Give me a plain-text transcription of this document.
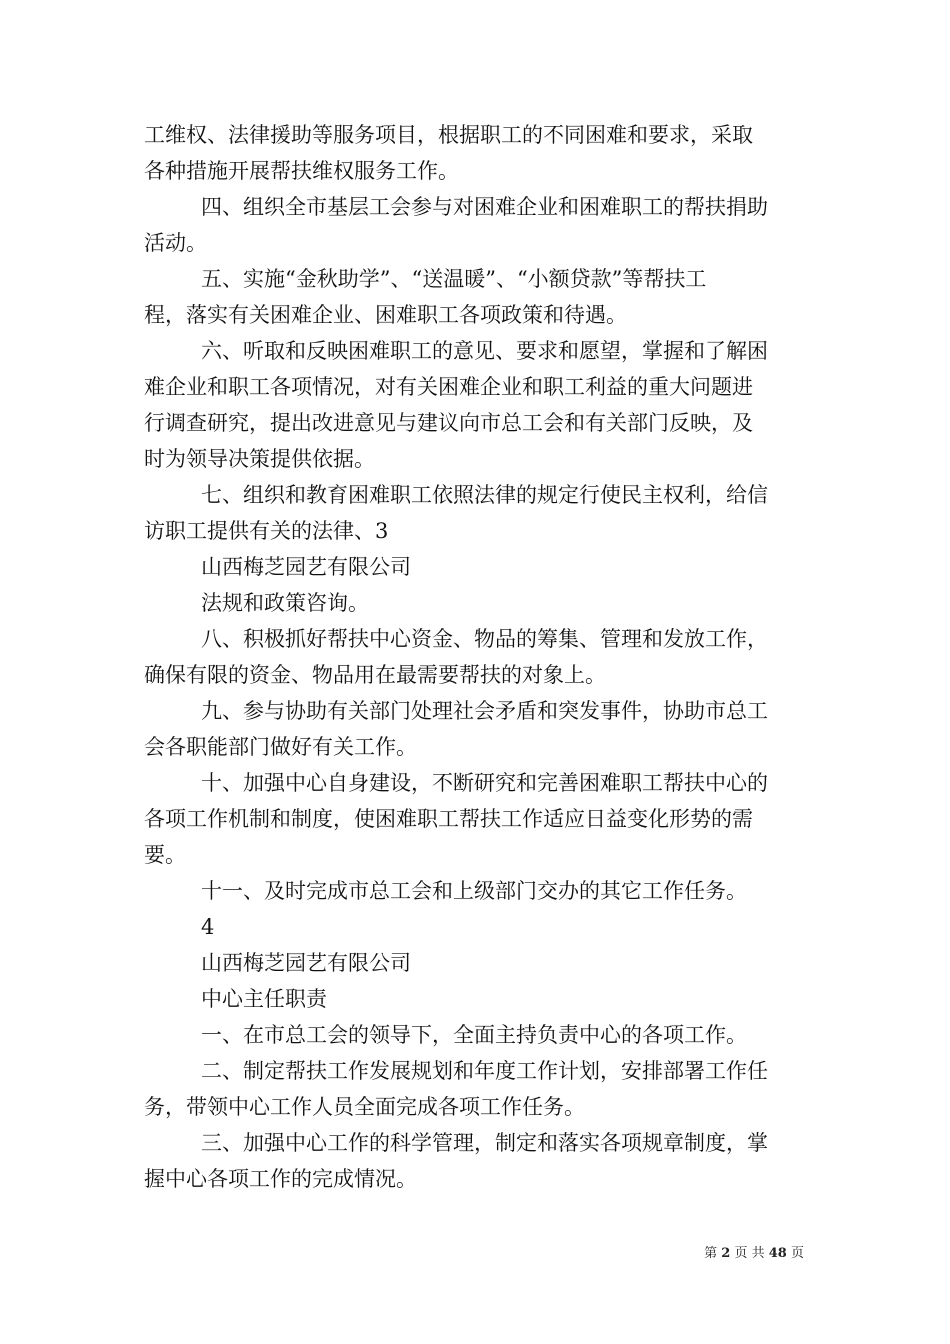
工维权、法律援助等服务项目，根据职工的不同困难和要求，采取
各种措施开展帮扶维权服务工作。
四、组织全市基层工会参与对困难企业和困难职工的帮扶捐助
活动。
五、实施“金秋助学”、“送温暖”、“小额贷款”等帮扶工
程，落实有关困难企业、困难职工各项政策和待遇。
六、听取和反映困难职工的意见、要求和愿望，掌握和了解困
难企业和职工各项情况，对有关困难企业和职工利益的重大问题进
行调查研究，提出改进意见与建议向市总工会和有关部门反映，及
时为领导决策提供依据。
七、组织和教育困难职工依照法律的规定行使民主权利，给信
访职工提供有关的法律、3
山西梅芝园艺有限公司
法规和政策咨询。
八、积极抓好帮扶中心资金、物品的筹集、管理和发放工作，
确保有限的资金、物品用在最需要帮扶的对象上。
九、参与协助有关部门处理社会矛盾和突发事件，协助市总工
会各职能部门做好有关工作。
十、加强中心自身建设，不断研究和完善困难职工帮扶中心的
各项工作机制和制度，使困难职工帮扶工作适应日益变化形势的需
要。
十一、及时完成市总工会和上级部门交办的其它工作任务。
4
山西梅芝园艺有限公司
中心主任职责
一、在市总工会的领导下，全面主持负责中心的各项工作。
二、制定帮扶工作发展规划和年度工作计划，安排部署工作任
务，带领中心工作人员全面完成各项工作任务。
三、加强中心工作的科学管理，制定和落实各项规章制度，掌
握中心各项工作的完成情况。
第 2 页 共 48 页
